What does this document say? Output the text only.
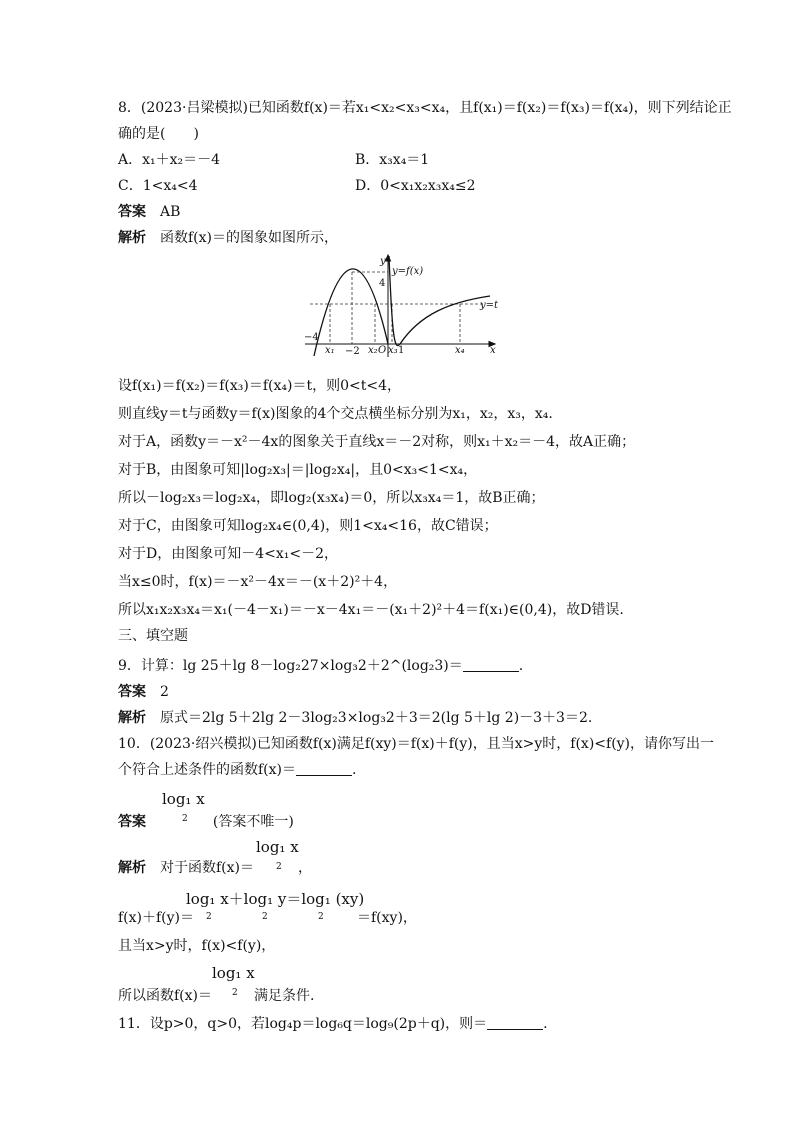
8．(2023·吕梁模拟)已知函数f(x)＝若x₁<x₂<x₃<x₄，且f(x₁)＝f(x₂)＝f(x₃)＝f(x₄)，则下列结论正
确的是(　　)
A．x₁＋x₂＝－4	B．x₃x₄＝1
C．1<x₄<4	D．0<x₁x₂x₃x₄≤2
答案 AB
解析 函数f(x)＝的图象如图所示，
y
y=f(x)
4
y=t
−4
x₁ −2 x₂ O x₃ 1	x₄	x
设f(x₁)＝f(x₂)＝f(x₃)＝f(x₄)＝t，则0<t<4，
则直线y＝t与函数y＝f(x)图象的4个交点横坐标分别为x₁，x₂，x₃，x₄.
对于A，函数y＝－x²－4x的图象关于直线x＝－2对称，则x₁＋x₂＝－4，故A正确；
对于B，由图象可知|log₂x₃|＝|log₂x₄|，且0<x₃<1<x₄，
所以－log₂x₃＝log₂x₄，即log₂(x₃x₄)＝0，所以x₃x₄＝1，故B正确；
对于C，由图象可知log₂x₄∈(0,4)，则1<x₄<16，故C错误；
对于D，由图象可知－4<x₁<－2，
当x≤0时，f(x)＝－x²－4x＝－(x＋2)²＋4，
所以x₁x₂x₃x₄＝x₁(－4－x₁)＝－x－4x₁＝－(x₁＋2)²＋4＝f(x₁)∈(0,4)，故D错误.
三、填空题
9．计算：lg 25＋lg 8－log₂27×log₃2＋2^(log₂3)＝	.
答案 2
解析 原式＝2lg 5＋2lg 2－3log₂3×log₃2＋3＝2(lg 5＋lg 2)－3＋3＝2.
10．(2023·绍兴模拟)已知函数f(x)满足f(xy)＝f(x)＋f(y)，且当x>y时，f(x)<f(y)，请你写出一
个符合上述条件的函数f(x)＝	.
log₁ x
2
答案	(答案不唯一)
log₁ x
2
解析 对于函数f(x)＝	，
log₁ x＋log₁ y＝log₁ (xy)
2	2	2
f(x)＋f(y)＝	＝f(xy)，
且当x>y时，f(x)<f(y)，
log₁ x
2
所以函数f(x)＝	满足条件.
11．设p>0，q>0，若log₄p＝log₆q＝log₉(2p＋q)，则＝	.
